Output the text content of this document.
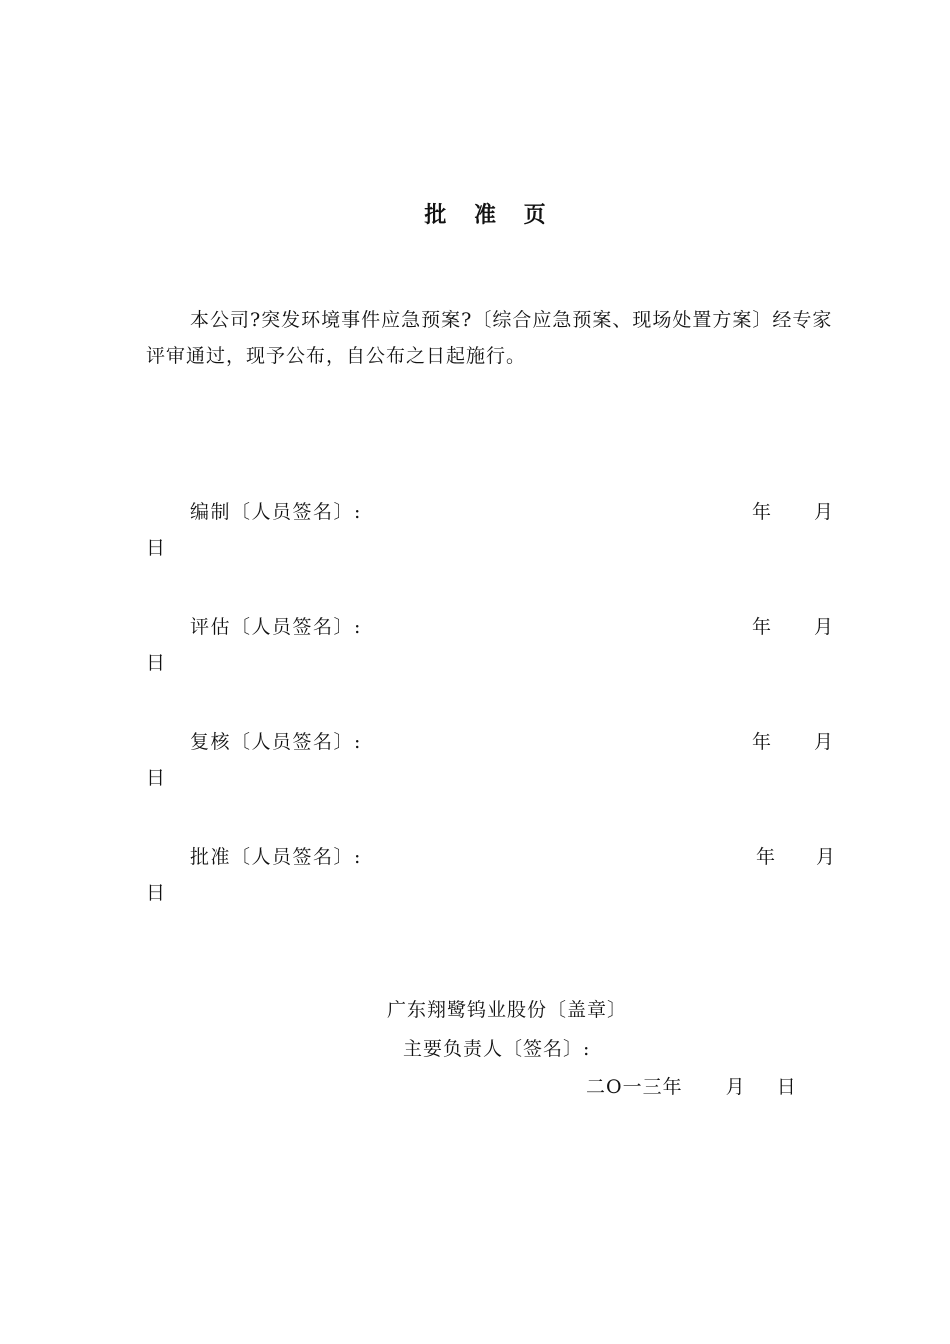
批 准 页

本公司?突发环境事件应急预案?〔综合应急预案、现场处置方案〕经专家评审通过，现予公布，自公布之日起施行。

编制〔人员签名〕:	年 月
日
评估〔人员签名〕:	年 月
日
复核〔人员签名〕:	年 月
日
批准〔人员签名〕:	年 月
日
广东翔鹭钨业股份〔盖章〕
主要负责人〔签名〕:
二O一三年 月 日
